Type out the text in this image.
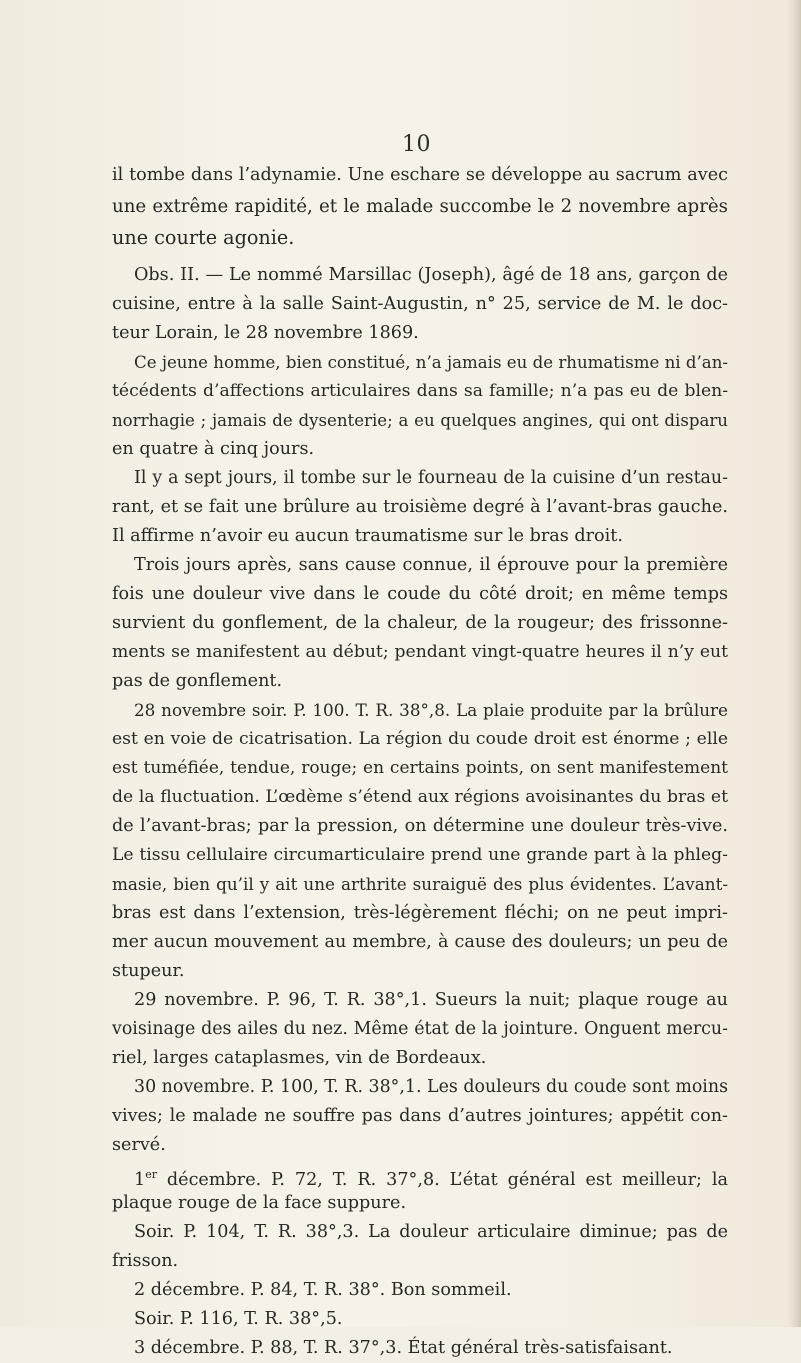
10
il tombe dans l’adynamie. Une eschare se développe au sacrum avec
une extrême rapidité, et le malade succombe le 2 novembre après
une courte agonie.
Obs. II. — Le nommé Marsillac (Joseph), âgé de 18 ans, garçon de
cuisine, entre à la salle Saint-Augustin, n° 25, service de M. le doc-
teur Lorain, le 28 novembre 1869.
Ce jeune homme, bien constitué, n’a jamais eu de rhumatisme ni d’an-
técédents d’affections articulaires dans sa famille; n’a pas eu de blen-
norrhagie ; jamais de dysenterie; a eu quelques angines, qui ont disparu
en quatre à cinq jours.
Il y a sept jours, il tombe sur le fourneau de la cuisine d’un restau-
rant, et se fait une brûlure au troisième degré à l’avant-bras gauche.
Il affirme n’avoir eu aucun traumatisme sur le bras droit.
Trois jours après, sans cause connue, il éprouve pour la première
fois une douleur vive dans le coude du côté droit; en même temps
survient du gonflement, de la chaleur, de la rougeur; des frissonne-
ments se manifestent au début; pendant vingt-quatre heures il n’y eut
pas de gonflement.
28 novembre soir. P. 100. T. R. 38°,8. La plaie produite par la brûlure
est en voie de cicatrisation. La région du coude droit est énorme ; elle
est tuméfiée, tendue, rouge; en certains points, on sent manifestement
de la fluctuation. L’œdème s’étend aux régions avoisinantes du bras et
de l’avant-bras; par la pression, on détermine une douleur très-vive.
Le tissu cellulaire circumarticulaire prend une grande part à la phleg-
masie, bien qu’il y ait une arthrite suraiguë des plus évidentes. L’avant-
bras est dans l’extension, très-légèrement fléchi; on ne peut impri-
mer aucun mouvement au membre, à cause des douleurs; un peu de
stupeur.
29 novembre. P. 96, T. R. 38°,1. Sueurs la nuit; plaque rouge au
voisinage des ailes du nez. Même état de la jointure. Onguent mercu-
riel, larges cataplasmes, vin de Bordeaux.
30 novembre. P. 100, T. R. 38°,1. Les douleurs du coude sont moins
vives; le malade ne souffre pas dans d’autres jointures; appétit con-
servé.
1er décembre. P. 72, T. R. 37°,8. L’état général est meilleur; la
plaque rouge de la face suppure.
Soir. P. 104, T. R. 38°,3. La douleur articulaire diminue; pas de
frisson.
2 décembre. P. 84, T. R. 38°. Bon sommeil.
Soir. P. 116, T. R. 38°,5.
3 décembre. P. 88, T. R. 37°,3. État général très-satisfaisant.
